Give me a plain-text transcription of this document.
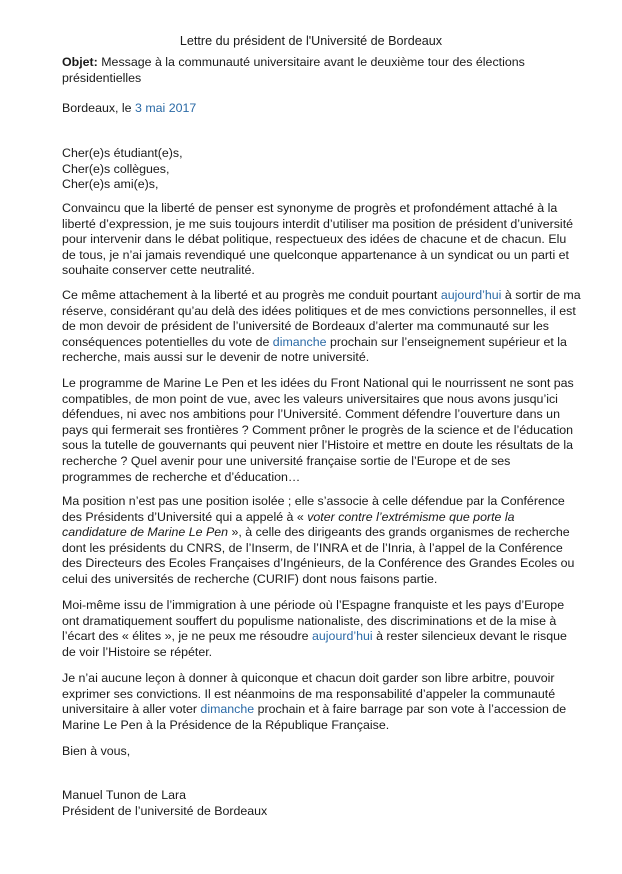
Lettre du président de l'Université de Bordeaux

Objet: Message à la communauté universitaire avant le deuxième tour des élections présidentielles

Bordeaux, le 3 mai 2017

Cher(e)s étudiant(e)s,

Cher(e)s collègues,

Cher(e)s ami(e)s,

Convaincu que la liberté de penser est synonyme de progrès et profondément attaché à la liberté d’expression, je me suis toujours interdit d’utiliser ma position de président d’université pour intervenir dans le débat politique, respectueux des idées de chacune et de chacun. Elu de tous, je n’ai jamais revendiqué une quelconque appartenance à un syndicat ou un parti et souhaite conserver cette neutralité.

Ce même attachement à la liberté et au progrès me conduit pourtant aujourd’hui à sortir de ma réserve, considérant qu’au delà des idées politiques et de mes convictions personnelles, il est de mon devoir de président de l’université de Bordeaux d’alerter ma communauté sur les conséquences potentielles du vote de dimanche prochain sur l’enseignement supérieur et la recherche, mais aussi sur le devenir de notre université.

Le programme de Marine Le Pen et les idées du Front National qui le nourrissent ne sont pas compatibles, de mon point de vue, avec les valeurs universitaires que nous avons jusqu’ici défendues, ni avec nos ambitions pour l’Université. Comment défendre l’ouverture dans un pays qui fermerait ses frontières ? Comment prôner le progrès de la science et de l’éducation sous la tutelle de gouvernants qui peuvent nier l’Histoire et mettre en doute les résultats de la recherche ? Quel avenir pour une université française sortie de l’Europe et de ses programmes de recherche et d’éducation…

Ma position n’est pas une position isolée ; elle s’associe à celle défendue par la Conférence des Présidents d’Université qui a appelé à « voter contre l’extrémisme que porte la candidature de Marine Le Pen », à celle des dirigeants des grands organismes de recherche dont les présidents du CNRS, de l’Inserm, de l’INRA et de l’Inria, à l’appel de la Conférence des Directeurs des Ecoles Françaises d’Ingénieurs, de la Conférence des Grandes Ecoles ou celui des universités de recherche (CURIF) dont nous faisons partie.

Moi-même issu de l’immigration à une période où l’Espagne franquiste et les pays d’Europe ont dramatiquement souffert du populisme nationaliste, des discriminations et de la mise à l’écart des « élites », je ne peux me résoudre aujourd’hui à rester silencieux devant le risque de voir l’Histoire se répéter.

Je n’ai aucune leçon à donner à quiconque et chacun doit garder son libre arbitre, pouvoir exprimer ses convictions. Il est néanmoins de ma responsabilité d’appeler la communauté universitaire à aller voter dimanche prochain et à faire barrage par son vote à l’accession de Marine Le Pen à la Présidence de la République Française.

Bien à vous,

Manuel Tunon de Lara

Président de l’université de Bordeaux
